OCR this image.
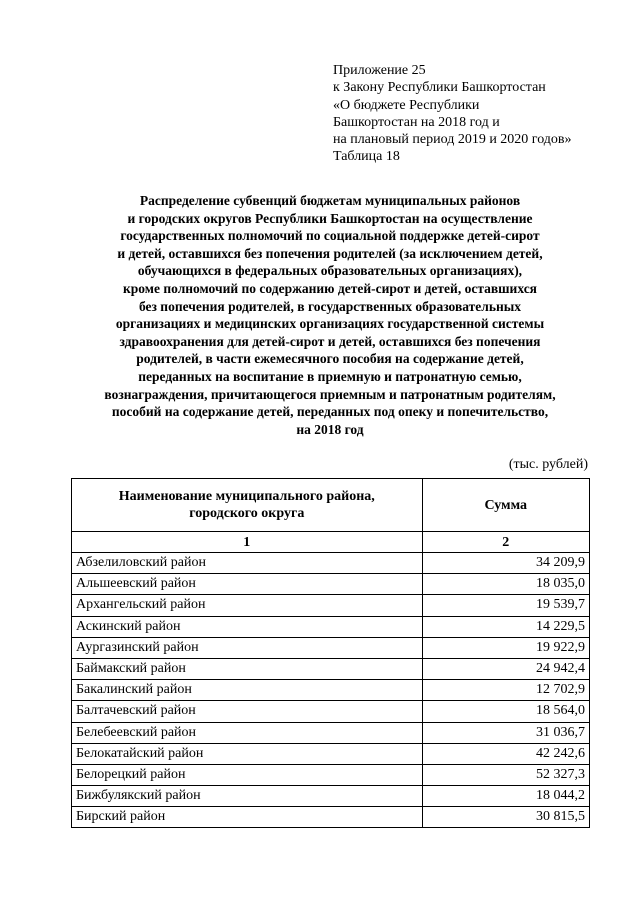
Приложение 25
к Закону Республики Башкортостан
«О бюджете Республики
Башкортостан на 2018 год и
на плановый период 2019 и 2020 годов»
Таблица 18
Распределение субвенций бюджетам муниципальных районов
и городских округов Республики Башкортостан на осуществление
государственных полномочий по социальной поддержке детей-сирот
и детей, оставшихся без попечения родителей (за исключением детей,
обучающихся в федеральных образовательных организациях),
кроме полномочий по содержанию детей-сирот и детей, оставшихся
без попечения родителей, в государственных образовательных
организациях и медицинских организациях государственной системы
здравоохранения для детей-сирот и детей, оставшихся без попечения
родителей, в части ежемесячного пособия на содержание детей,
переданных на воспитание в приемную и патронатную семью,
вознаграждения, причитающегося приемным и патронатным родителям,
пособий на содержание детей, переданных под опеку и попечительство,
на 2018 год
(тыс. рублей)
Наименование муниципального района,
городского округа	Сумма
1	2
Абзелиловский район	34 209,9
Альшеевский район	18 035,0
Архангельский район	19 539,7
Аскинский район	14 229,5
Аургазинский район	19 922,9
Баймакский район	24 942,4
Бакалинский район	12 702,9
Балтачевский район	18 564,0
Белебеевский район	31 036,7
Белокатайский район	42 242,6
Белорецкий район	52 327,3
Бижбулякский район	18 044,2
Бирский район	30 815,5
